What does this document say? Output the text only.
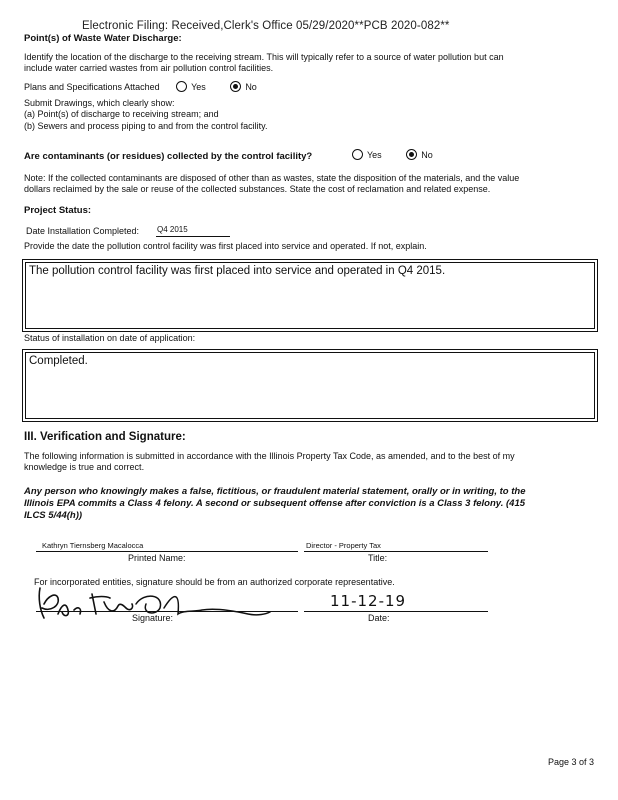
Electronic Filing: Received,Clerk's Office 05/29/2020**PCB 2020-082**
Point(s) of Waste Water Discharge:
Identify the location of the discharge to the receiving stream. This will typically refer to a source of water pollution but can
include water carried wastes from air pollution control facilities.
Plans and Specifications Attached	Yes	No
Submit Drawings, which clearly show:
(a) Point(s) of discharge to receiving stream; and
(b) Sewers and process piping to and from the control facility.
Are contaminants (or residues) collected by the control facility?	Yes	No
Note: If the collected contaminants are disposed of other than as wastes, state the disposition of the materials, and the value
dollars reclaimed by the sale or reuse of the collected substances. State the cost of reclamation and related expense.
Project Status:
Date Installation Completed: Q4 2015
Provide the date the pollution control facility was first placed into service and operated. If not, explain.
The pollution control facility was first placed into service and operated in Q4 2015.
Status of installation on date of application:
Completed.
III. Verification and Signature:
The following information is submitted in accordance with the Illinois Property Tax Code, as amended, and to the best of my
knowledge is true and correct.
Any person who knowingly makes a false, fictitious, or fraudulent material statement, orally or in writing, to the
Illinois EPA commits a Class 4 felony. A second or subsequent offense after conviction is a Class 3 felony. (415
ILCS 5/44(h))
Kathryn Tiernsberg Macalocca
Printed Name:
Director - Property Tax
Title:
For incorporated entities, signature should be from an authorized corporate representative.
Signature:
11-12-19
Date:
Page 3 of 3
